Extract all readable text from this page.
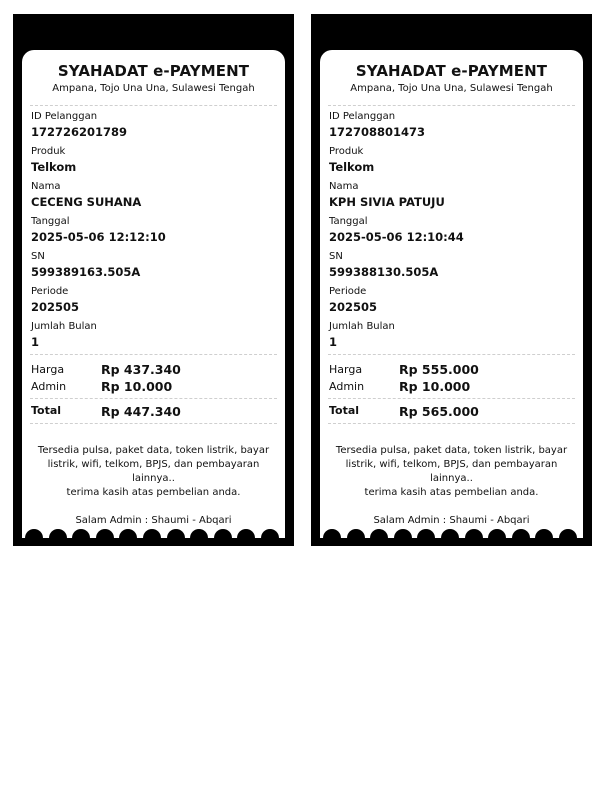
SYAHADAT e-PAYMENT
Ampana, Tojo Una Una, Sulawesi Tengah
ID Pelanggan
172726201789
Produk
Telkom
Nama
CECENG SUHANA
Tanggal
2025-05-06 12:12:10
SN
599389163.505A
Periode
202505
Jumlah Bulan
1
Harga	Rp 437.340
Admin	Rp 10.000
Total	Rp 447.340
Tersedia pulsa, paket data, token listrik, bayar listrik, wifi, telkom, BPJS, dan pembayaran lainnya..
terima kasih atas pembelian anda.
Salam Admin : Shaumi - Abqari
SYAHADAT e-PAYMENT
Ampana, Tojo Una Una, Sulawesi Tengah
ID Pelanggan
172708801473
Produk
Telkom
Nama
KPH SIVIA PATUJU
Tanggal
2025-05-06 12:10:44
SN
599388130.505A
Periode
202505
Jumlah Bulan
1
Harga	Rp 555.000
Admin	Rp 10.000
Total	Rp 565.000
Tersedia pulsa, paket data, token listrik, bayar listrik, wifi, telkom, BPJS, dan pembayaran lainnya..
terima kasih atas pembelian anda.
Salam Admin : Shaumi - Abqari
